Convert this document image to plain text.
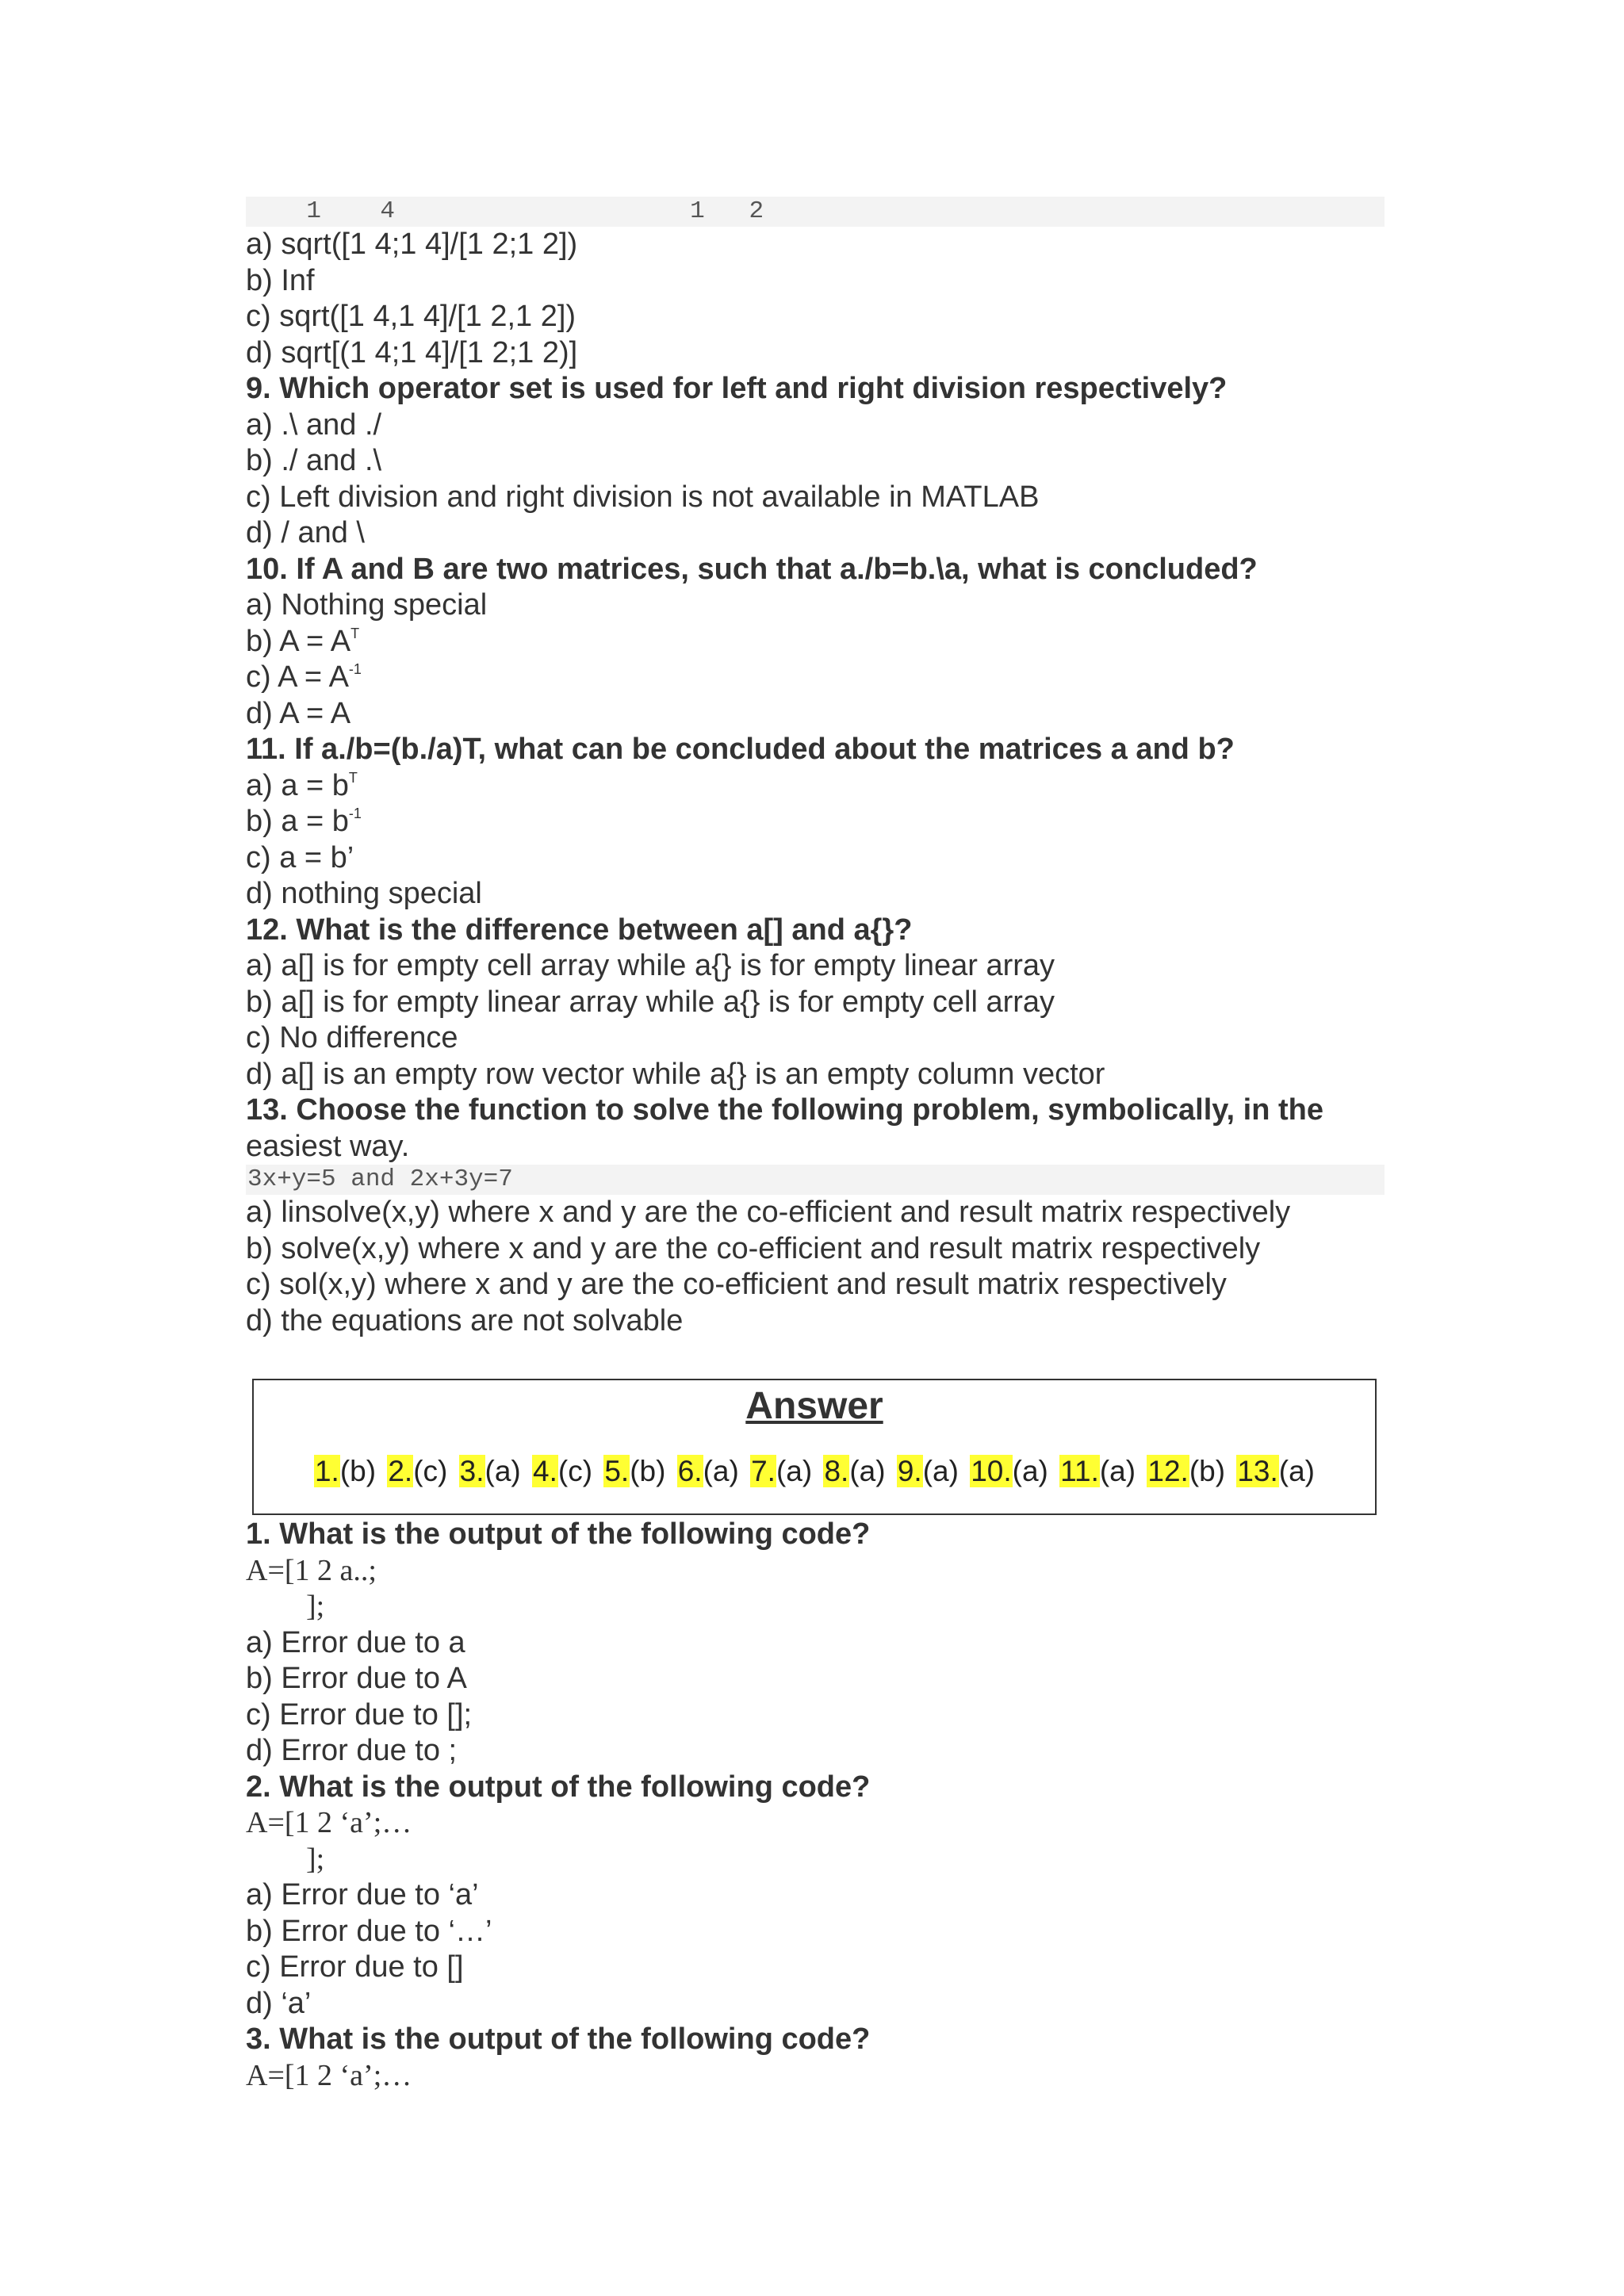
1    4                    1   2
a) sqrt([1 4;1 4]/[1 2;1 2])
b) Inf
c) sqrt([1 4,1 4]/[1 2,1 2])
d) sqrt[(1 4;1 4]/[1 2;1 2)]
9. Which operator set is used for left and right division respectively?
a) .\ and ./
b) ./ and .\
c) Left division and right division is not available in MATLAB
d) / and \
10. If A and B are two matrices, such that a./b=b.\a, what is concluded?
a) Nothing special
b) $A = A^T$
c) $A = A^{-1}$
d) A = A
11. If a./b=(b./a)T, what can be concluded about the matrices a and b?
a) $a = b^T$
b) $a = b^{-1}$
c) a = b’
d) nothing special
12. What is the difference between a[] and a{}?
a) a[] is for empty cell array while a{} is for empty linear array
b) a[] is for empty linear array while a{} is for empty cell array
c) No difference
d) a[] is an empty row vector while a{} is an empty column vector
13. Choose the function to solve the following problem, symbolically, in the
easiest way.
3x+y=5 and 2x+3y=7
a) linsolve(x,y) where x and y are the co-efficient and result matrix respectively
b) solve(x,y) where x and y are the co-efficient and result matrix respectively
c) sol(x,y) where x and y are the co-efficient and result matrix respectively
d) the equations are not solvable
Answer
1.(b) 2.(c) 3.(a) 4.(c) 5.(b) 6.(a) 7.(a) 8.(a) 9.(a) 10.(a) 11.(a) 12.(b) 13.(a)
1. What is the output of the following code?
A=[1 2 a..;
];
a) Error due to a
b) Error due to A
c) Error due to [];
d) Error due to ;
2. What is the output of the following code?
A=[1 2 ‘a’;…
];
a) Error due to ‘a’
b) Error due to ‘…’
c) Error due to []
d) ‘a’
3. What is the output of the following code?
A=[1 2 ‘a’;…
